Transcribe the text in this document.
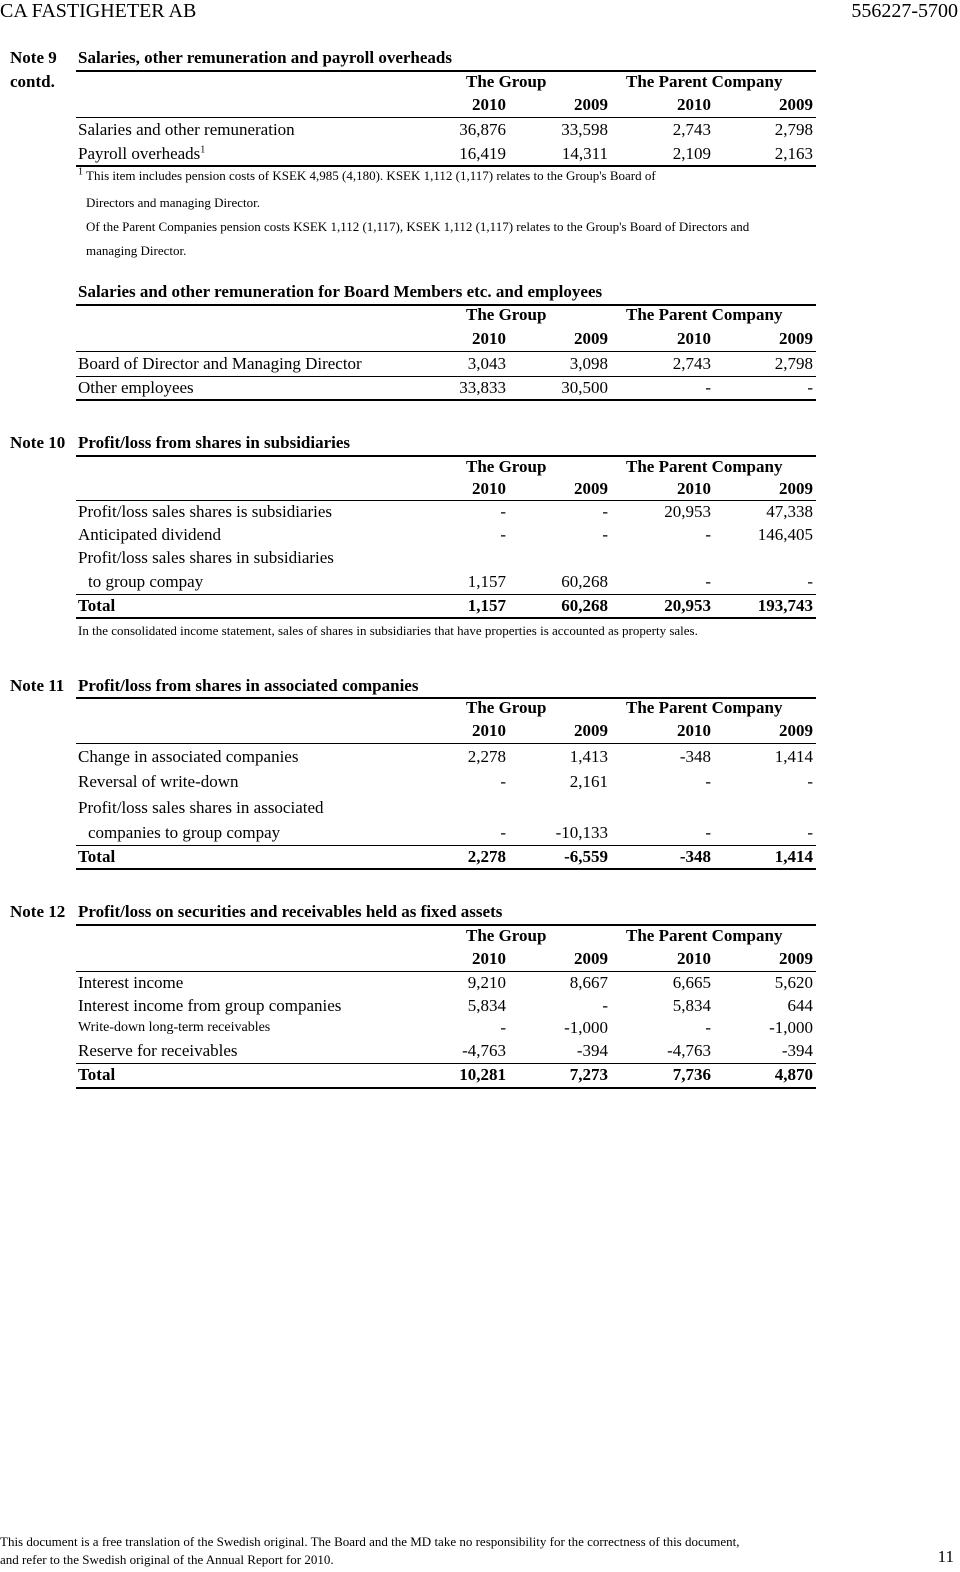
CA FASTIGHETER AB	556227-5700
Note 9
contd.
Salaries, other remuneration and payroll overheads
The Group	The Parent Company
2010	2009	2010	2009
Salaries and other remuneration	36,876	33,598	2,743	2,798
Payroll overheads$^1$	16,419	14,311	2,109	2,163
$^1$ This item includes pension costs of KSEK 4,985 (4,180). KSEK 1,112 (1,117) relates to the Group's Board of
Directors and managing Director.
Of the Parent Companies pension costs KSEK 1,112 (1,117), KSEK 1,112 (1,117) relates to the Group's Board of Directors and
managing Director.
Salaries and other remuneration for Board Members etc. and employees
The Group	The Parent Company
2010	2009	2010	2009
Board of Director and Managing Director	3,043	3,098	2,743	2,798
Other employees	33,833	30,500	-	-
Note 10 Profit/loss from shares in subsidiaries
The Group	The Parent Company
2010	2009	2010	2009
Profit/loss sales shares is subsidiaries	-	-	20,953	47,338
Anticipated dividend	-	-	-	146,405
Profit/loss sales shares in subsidiaries
to group compay	1,157	60,268	-	-
Total	1,157	60,268	20,953	193,743
In the consolidated income statement, sales of shares in subsidiaries that have properties is accounted as property sales.
Note 11 Profit/loss from shares in associated companies
The Group	The Parent Company
2010	2009	2010	2009
Change in associated companies	2,278	1,413	-348	1,414
Reversal of write-down	-	2,161	-	-
Profit/loss sales shares in associated
companies to group compay	-	-10,133	-	-
Total	2,278	-6,559	-348	1,414
Note 12 Profit/loss on securities and receivables held as fixed assets
The Group	The Parent Company
2010	2009	2010	2009
Interest income	9,210	8,667	6,665	5,620
Interest income from group companies	5,834	-	5,834	644
Write-down long-term receivables	-	-1,000	-	-1,000
Reserve for receivables	-4,763	-394	-4,763	-394
Total	10,281	7,273	7,736	4,870
This document is a free translation of the Swedish original. The Board and the MD take no responsibility for the correctness of this document,
and refer to the Swedish original of the Annual Report for 2010.	11
